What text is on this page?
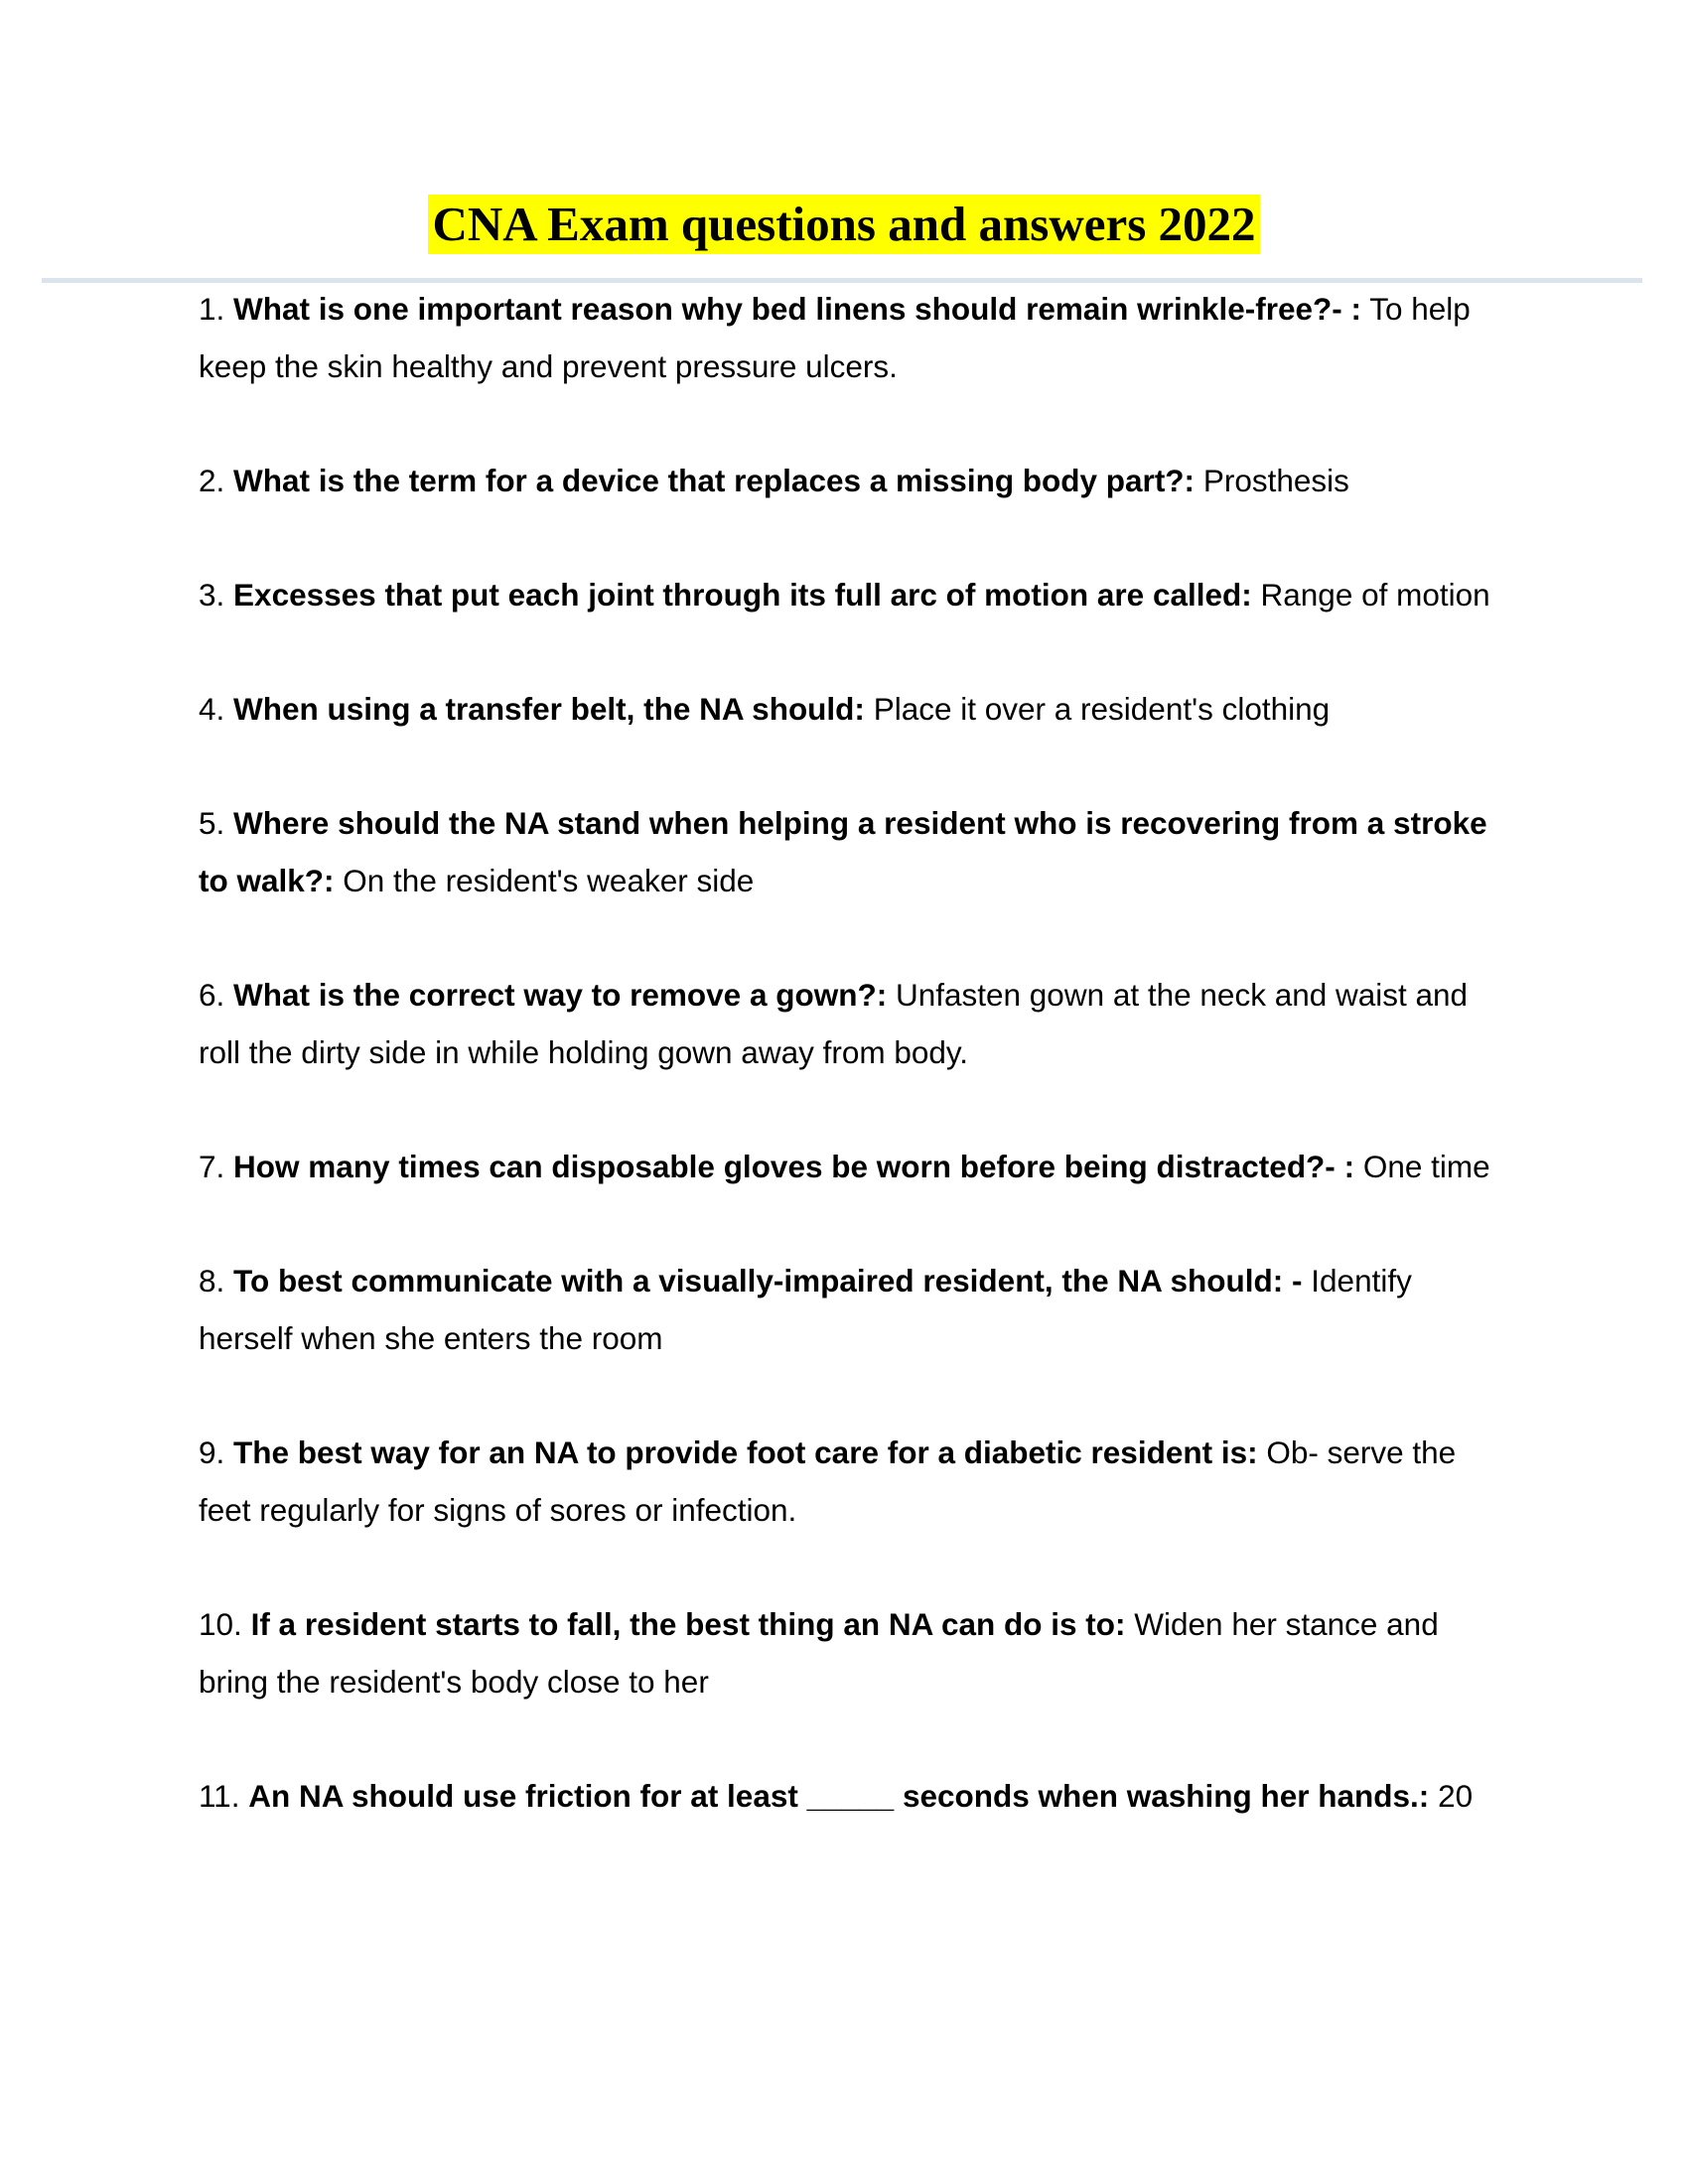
CNA Exam questions and answers 2022
1. What is one important reason why bed linens should remain wrinkle-free?- : To help keep the skin healthy and prevent pressure ulcers.
2. What is the term for a device that replaces a missing body part?: Prosthesis
3. Excesses that put each joint through its full arc of motion are called: Range of motion
4. When using a transfer belt, the NA should: Place it over a resident's clothing
5. Where should the NA stand when helping a resident who is recovering from a stroke to walk?: On the resident's weaker side
6. What is the correct way to remove a gown?: Unfasten gown at the neck and waist and roll the dirty side in while holding gown away from body.
7. How many times can disposable gloves be worn before being distracted?- : One time
8. To best communicate with a visually-impaired resident, the NA should: - Identify herself when she enters the room
9. The best way for an NA to provide foot care for a diabetic resident is: Ob- serve the feet regularly for signs of sores or infection.
10. If a resident starts to fall, the best thing an NA can do is to: Widen her stance and bring the resident's body close to her
11. An NA should use friction for at least _____ seconds when washing her hands.: 20
